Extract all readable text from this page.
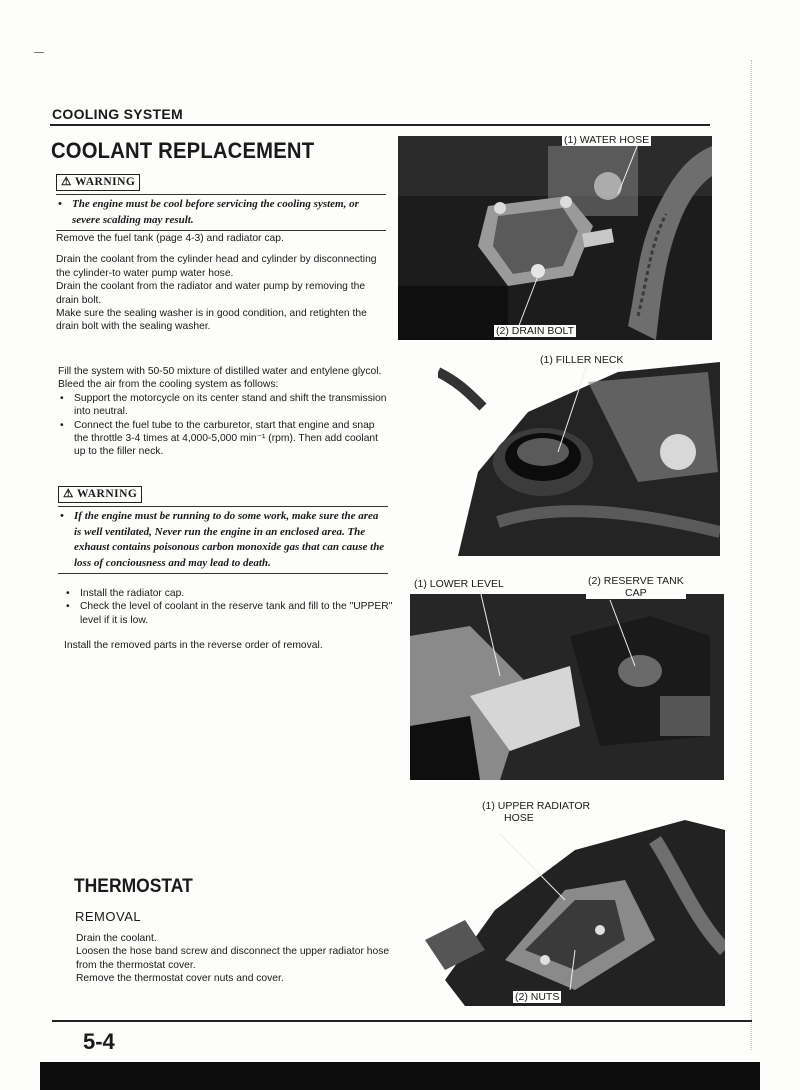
COOLING SYSTEM
COOLANT REPLACEMENT
⚠ WARNING
• The engine must be cool before servicing the cooling system, or severe scalding may result.

Remove the fuel tank (page 4-3) and radiator cap.

Drain the coolant from the cylinder head and cylinder by disconnecting the cylinder-to water pump water hose.

Drain the coolant from the radiator and water pump by removing the drain bolt.

Make sure the sealing washer is in good condition, and retighten the drain bolt with the sealing washer.

Fill the system with 50-50 mixture of distilled water and entylene glycol.

Bleed the air from the cooling system as follows:

• Support the motorcycle on its center stand and shift the transmission into neutral.
• Connect the fuel tube to the carburetor, start that engine and snap the throttle 3-4 times at 4,000-5,000 min⁻¹ (rpm). Then add coolant up to the filler neck.
⚠ WARNING
• If the engine must be running to do some work, make sure the area is well ventilated, Never run the engine in an enclosed area. The exhaust contains poisonous carbon monoxide gas that can cause the loss of conciousness and may lead to death.
• Install the radiator cap.
• Check the level of coolant in the reserve tank and fill to the "UPPER" level if it is low.

Install the removed parts in the reverse order of removal.

THERMOSTAT
REMOVAL

Drain the coolant.

Loosen the hose band screw and disconnect the upper radiator hose from the thermostat cover.

Remove the thermostat cover nuts and cover.

(1) WATER HOSE
(2) DRAIN BOLT
(1) FILLER NECK
(1) LOWER LEVEL	(2) RESERVE TANK
CAP
(1) UPPER RADIATOR
HOSE
(2) NUTS
5-4
